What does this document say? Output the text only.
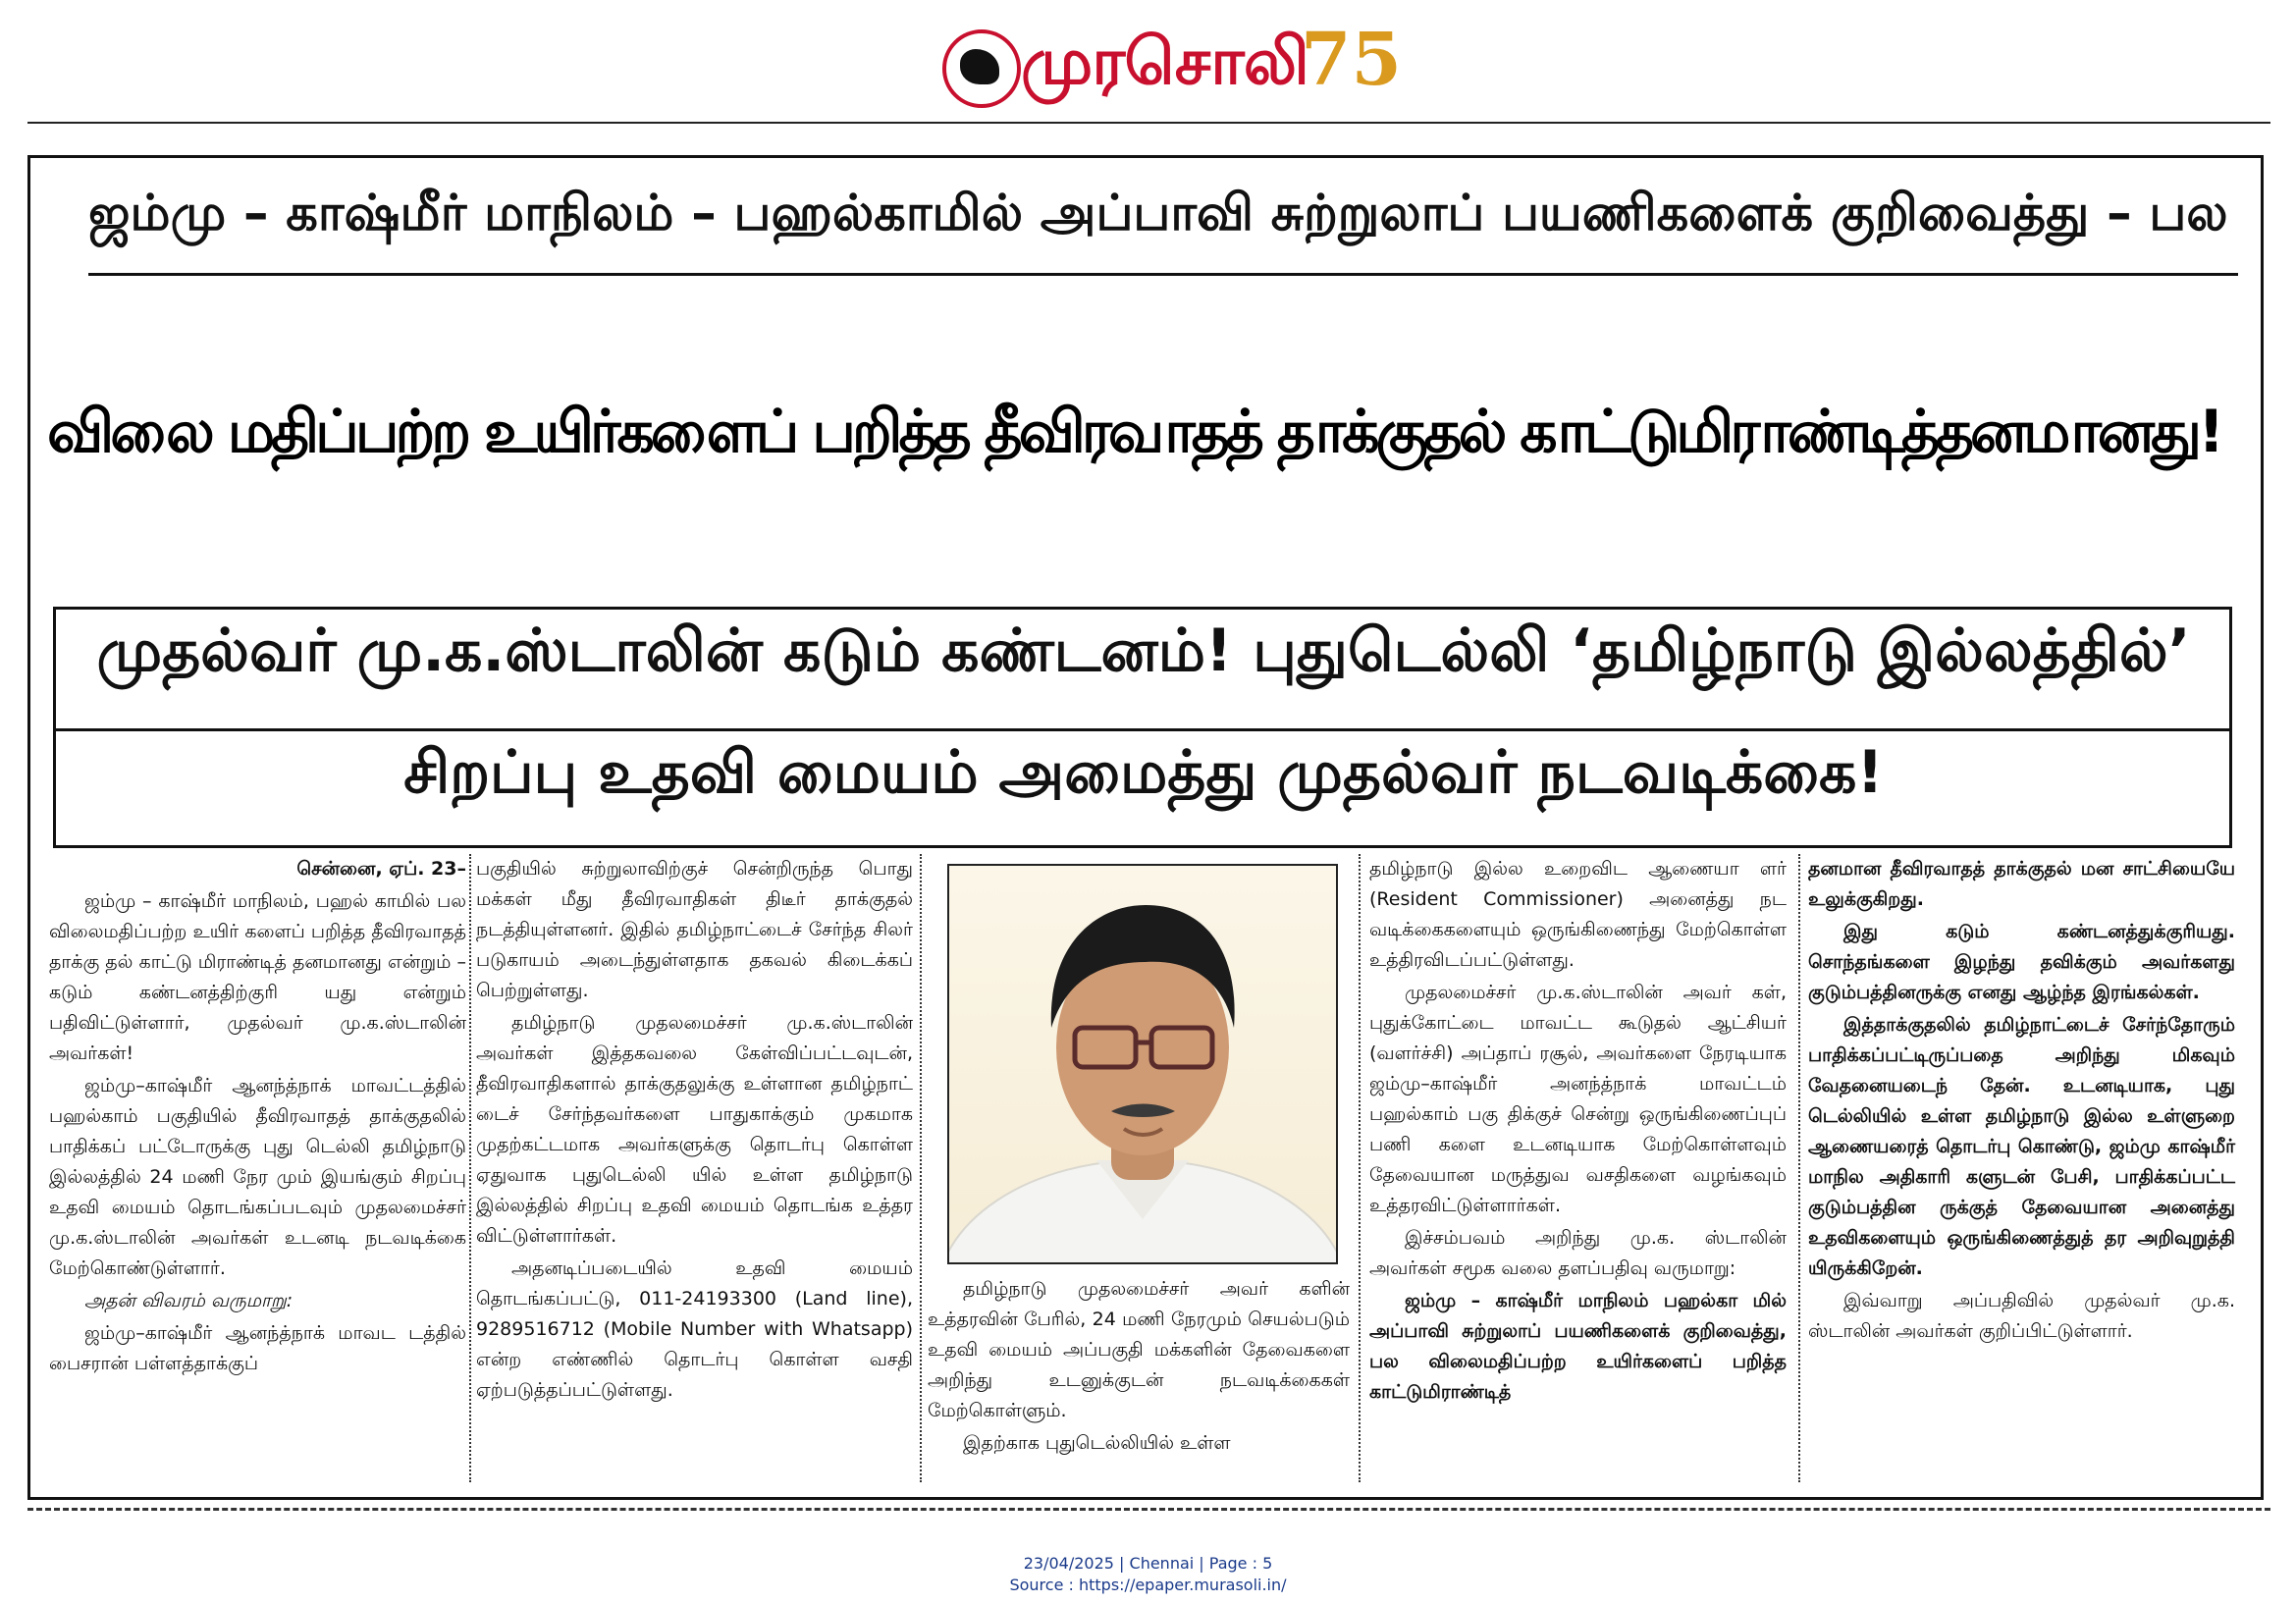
முரசொலி
75
ஜம்மு – காஷ்மீர் மாநிலம் – பஹல்காமில் அப்பாவி சுற்றுலாப் பயணிகளைக் குறிவைத்து – பல
விலை மதிப்பற்ற உயிர்களைப் பறித்த தீவிரவாதத் தாக்குதல் காட்டுமிராண்டித்தனமானது!
முதல்வர் மு.க.ஸ்டாலின் கடும் கண்டனம்! புதுடெல்லி ‘தமிழ்நாடு இல்லத்தில்’
சிறப்பு உதவி மையம் அமைத்து முதல்வர் நடவடிக்கை!

சென்னை, ஏப். 23–

ஜம்மு – காஷ்மீர் மாநிலம், பஹல் காமில் பல விலைமதிப்பற்ற உயிர் களைப் பறித்த தீவிரவாதத் தாக்கு தல் காட்டு மிராண்டித் தனமானது என்றும் – கடும் கண்டனத்திற்குரி யது என்றும் பதிவிட்டுள்ளார், முதல்வர் மு.க.ஸ்டாலின் அவர்கள்!

ஜம்மு–காஷ்மீர் ஆனந்த்நாக் மாவட்டத்தில் பஹல்காம் பகுதியில் தீவிரவாதத் தாக்குதலில் பாதிக்கப் பட்டோருக்கு புது டெல்லி தமிழ்நாடு இல்லத்தில் 24 மணி நேர மும் இயங்கும் சிறப்பு உதவி மையம் தொடங்கப்படவும் முதலமைச்சர் மு.க.ஸ்டாலின் அவர்கள் உடனடி நடவடிக்கை மேற்கொண்டுள்ளார்.

அதன் விவரம் வருமாறு:

ஜம்மு–காஷ்மீர் ஆனந்த்நாக் மாவட டத்தில் பைசரான் பள்ளத்தாக்குப்

பகுதியில் சுற்றுலாவிற்குச் சென்றிருந்த பொது மக்கள் மீது தீவிரவாதிகள் திடீர் தாக்குதல் நடத்தியுள்ளனர். இதில் தமிழ்நாட்டைச் சேர்ந்த சிலர் படுகாயம் அடைந்துள்ளதாக தகவல் கிடைக்கப் பெற்றுள்ளது.

தமிழ்நாடு முதலமைச்சர் மு.க.ஸ்டாலின் அவர்கள் இத்தகவலை கேள்விப்பட்டவுடன், தீவிரவாதிகளால் தாக்குதலுக்கு உள்ளான தமிழ்நாட் டைச் சேர்ந்தவர்களை பாதுகாக்கும் முகமாக முதற்கட்டமாக அவர்களுக்கு தொடர்பு கொள்ள ஏதுவாக புதுடெல்லி யில் உள்ள தமிழ்நாடு இல்லத்தில் சிறப்பு உதவி மையம் தொடங்க உத்தர விட்டுள்ளார்கள்.

அதனடிப்படையில் உதவி மையம் தொடங்கப்பட்டு, 011-24193300 (Land line), 9289516712 (Mobile Number with Whatsapp) என்ற எண்ணில் தொடர்பு கொள்ள வசதி ஏற்படுத்தப்பட்டுள்ளது.

தமிழ்நாடு முதலமைச்சர் அவர் களின் உத்தரவின் பேரில், 24 மணி நேரமும் செயல்படும் உதவி மையம் அப்பகுதி மக்களின் தேவைகளை அறிந்து உடனுக்குடன் நடவடிக்கைகள் மேற்கொள்ளும்.

இதற்காக புதுடெல்லியில் உள்ள

தமிழ்நாடு இல்ல உறைவிட ஆணையா ளர் (Resident Commissioner) அனைத்து நட வடிக்கைகளையும் ஒருங்கிணைந்து மேற்கொள்ள உத்திரவிடப்பட்டுள்ளது.

முதலமைச்சர் மு.க.ஸ்டாலின் அவர் கள், புதுக்கோட்டை மாவட்ட கூடுதல் ஆட்சியர் (வளர்ச்சி) அப்தாப் ரசூல், அவர்களை நேரடியாக ஜம்மு–காஷ்மீர் அனந்த்நாக் மாவட்டம் பஹல்காம் பகு திக்குச் சென்று ஒருங்கிணைப்புப் பணி களை உடனடியாக மேற்கொள்ளவும் தேவையான மருத்துவ வசதிகளை வழங்கவும் உத்தரவிட்டுள்ளார்கள்.

இச்சம்பவம் அறிந்து மு.க. ஸ்டாலின் அவர்கள் சமூக வலை தளப்பதிவு வருமாறு:

ஜம்மு – காஷ்மீர் மாநிலம் பஹல்கா மில் அப்பாவி சுற்றுலாப் பயணிகளைக் குறிவைத்து, பல விலைமதிப்பற்ற உயிர்களைப் பறித்த காட்டுமிராண்டித்

தனமான தீவிரவாதத் தாக்குதல் மன சாட்சியையே உலுக்குகிறது.

இது கடும் கண்டனத்துக்குரியது. சொந்தங்களை இழந்து தவிக்கும் அவர்களது குடும்பத்தினருக்கு எனது ஆழ்ந்த இரங்கல்கள்.

இத்தாக்குதலில் தமிழ்நாட்டைச் சேர்ந்தோரும் பாதிக்கப்பட்டிருப்பதை அறிந்து மிகவும் வேதனையடைந் தேன். உடனடியாக, புது டெல்லியில் உள்ள தமிழ்நாடு இல்ல உள்ளுறை ஆணையரைத் தொடர்பு கொண்டு, ஜம்மு காஷ்மீர் மாநில அதிகாரி களுடன் பேசி, பாதிக்கப்பட்ட குடும்பத்தின ருக்குத் தேவையான அனைத்து உதவிகளையும் ஒருங்கிணைத்துத் தர அறிவுறுத்தி யிருக்கிறேன்.

இவ்வாறு அப்பதிவில் முதல்வர் மு.க. ஸ்டாலின் அவர்கள் குறிப்பிட்டுள்ளார்.

23/04/2025 | Chennai | Page : 5
Source : https://epaper.murasoli.in/
